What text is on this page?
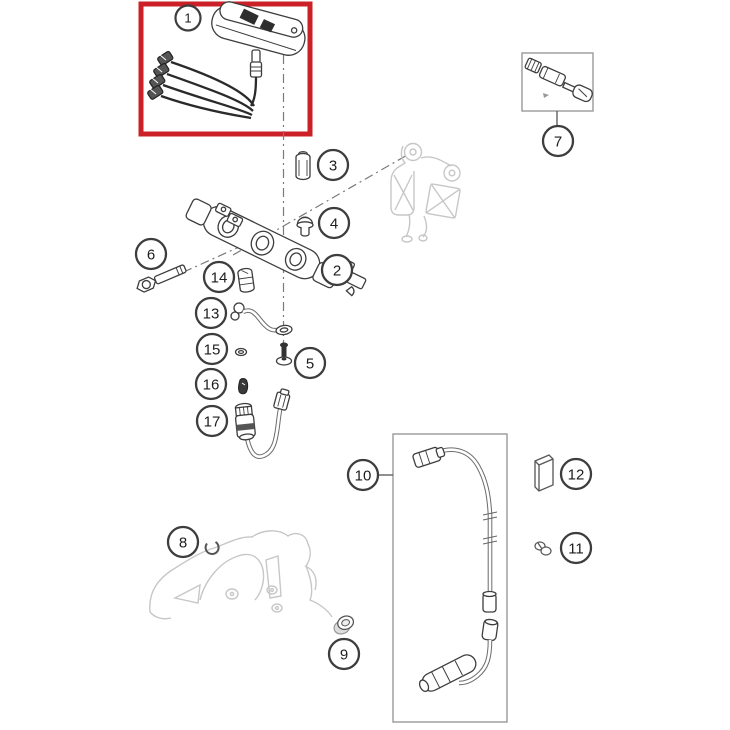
1
2
3
4
5
6
7
8
9
10
11
12
13
14
15
16
17
